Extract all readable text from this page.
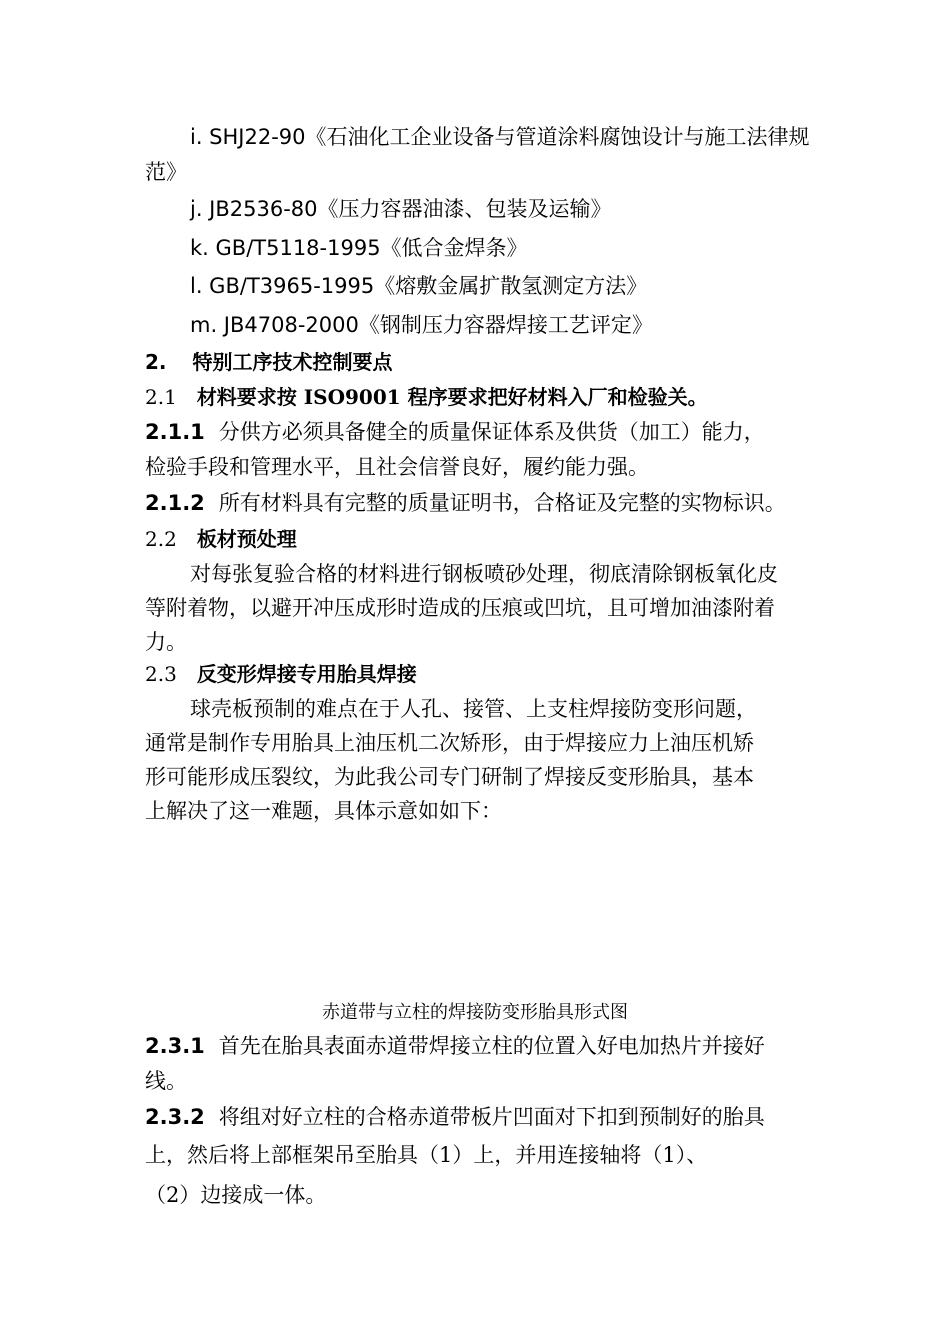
i. SHJ22-90《石油化工企业设备与管道涂料腐蚀设计与施工法律规
范》
j. JB2536-80《压力容器油漆、包装及运输》
k. GB/T5118-1995《低合金焊条》
l. GB/T3965-1995《熔敷金属扩散氢测定方法》
m. JB4708-2000《钢制压力容器焊接工艺评定》
2. 特别工序技术控制要点
2.1 材料要求按 ISO9001 程序要求把好材料入厂和检验关。
2.1.1 分供方必须具备健全的质量保证体系及供货（加工）能力，
检验手段和管理水平，且社会信誉良好，履约能力强。
2.1.2 所有材料具有完整的质量证明书，合格证及完整的实物标识。
2.2 板材预处理
对每张复验合格的材料进行钢板喷砂处理，彻底清除钢板氧化皮
等附着物，以避开冲压成形时造成的压痕或凹坑，且可增加油漆附着
力。
2.3 反变形焊接专用胎具焊接
球壳板预制的难点在于人孔、接管、上支柱焊接防变形问题，
通常是制作专用胎具上油压机二次矫形，由于焊接应力上油压机矫
形可能形成压裂纹，为此我公司专门研制了焊接反变形胎具，基本
上解决了这一难题，具体示意如如下：
赤道带与立柱的焊接防变形胎具形式图
2.3.1 首先在胎具表面赤道带焊接立柱的位置入好电加热片并接好
线。
2.3.2 将组对好立柱的合格赤道带板片凹面对下扣到预制好的胎具
上，然后将上部框架吊至胎具（1）上，并用连接轴将（1）、
（2）边接成一体。
